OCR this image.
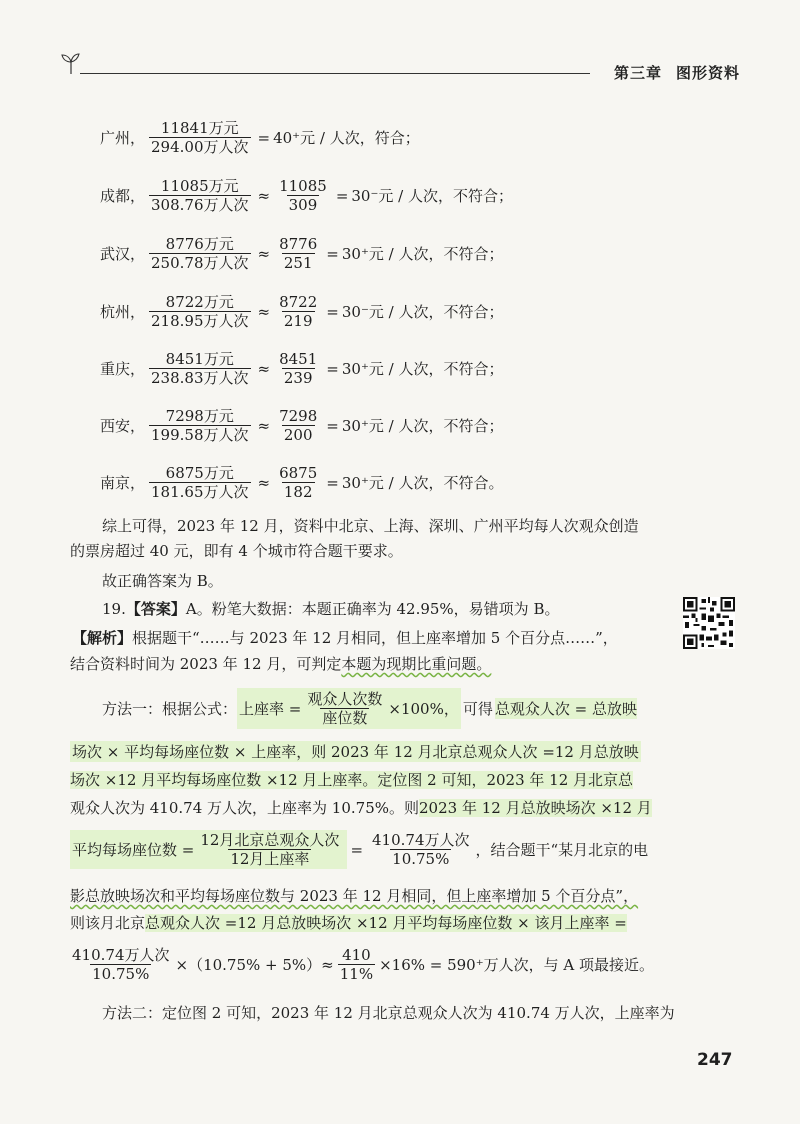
第三章 图形资料
广州， $\frac{\text{11841万元}}{\text{294.00万人次}} = 40^+$元 / 人次，符合；
成都， $\frac{\text{11085万元}}{\text{308.76万人次}} \approx \frac{11085}{309} = 30^-$元 / 人次，不符合；
武汉， $\frac{\text{8776万元}}{\text{250.78万人次}} \approx \frac{8776}{251} = 30^+$元 / 人次，不符合；
杭州， $\frac{\text{8722万元}}{\text{218.95万人次}} \approx \frac{8722}{219} = 30^-$元 / 人次，不符合；
重庆， $\frac{\text{8451万元}}{\text{238.83万人次}} \approx \frac{8451}{239} = 30^+$元 / 人次，不符合；
西安， $\frac{\text{7298万元}}{\text{199.58万人次}} \approx \frac{7298}{200} = 30^+$元 / 人次，不符合；
南京， $\frac{\text{6875万元}}{\text{181.65万人次}} \approx \frac{6875}{182} = 30^+$元 / 人次，不符合。
综上可得，2023 年 12 月，资料中北京、上海、深圳、广州平均每人次观众创造
的票房超过 40 元，即有 4 个城市符合题干要求。
故正确答案为 B。
19.【答案】A。粉笔大数据：本题正确率为 42.95%，易错项为 B。
【解析】根据题干“……与 2023 年 12 月相同，但上座率增加 5 个百分点……”，
结合资料时间为 2023 年 12 月，可判定本题为现期比重问题。
方法一：根据公式： 上座率 = $\frac{\text{观众人次数}}{\text{座位数}} \times 100\%$， 可得 总观众人次 = 总放映
场次 × 平均每场座位数 × 上座率，则 2023 年 12 月北京总观众人次 =12 月总放映
场次 ×12 月平均每场座位数 ×12 月上座率。定位图 2 可知，2023 年 12 月北京总
观众人次为 410.74 万人次，上座率为 10.75%。则2023 年 12 月总放映场次 ×12 月
平均每场座位数 = $\frac{\text{12月北京总观众人次}}{\text{12月上座率}} = \frac{\text{410.74万人次}}{10.75\%}$ ，结合题干“某月北京的电
影总放映场次和平均每场座位数与 2023 年 12 月相同，但上座率增加 5 个百分点”，
则该月北京总观众人次 =12 月总放映场次 ×12 月平均每场座位数 × 该月上座率 =
$\frac{\text{410.74万人次}}{10.75\%} \times(10.75\% + 5\%)\approx \frac{410}{11\%} \times 16\% = 590^+$万人次，与 A 项最接近。
方法二：定位图 2 可知，2023 年 12 月北京总观众人次为 410.74 万人次，上座率为
247
